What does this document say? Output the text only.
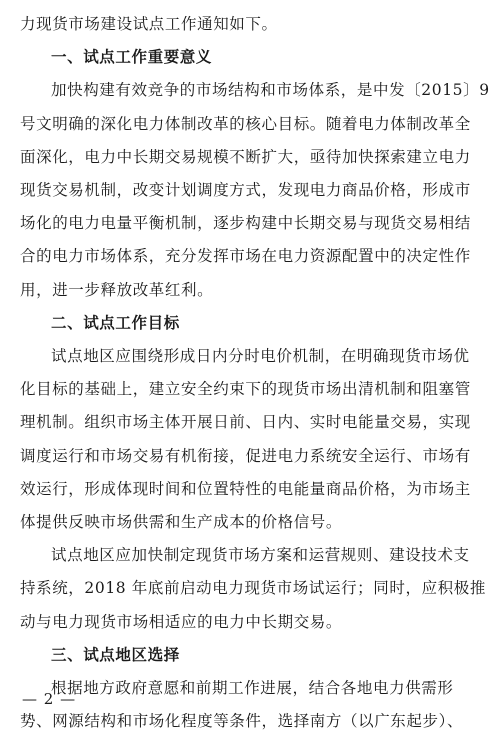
力现货市场建设试点工作通知如下。
一、试点工作重要意义
加快构建有效竞争的市场结构和市场体系，是中发〔2015〕9
号文明确的深化电力体制改革的核心目标。随着电力体制改革全
面深化，电力中长期交易规模不断扩大，亟待加快探索建立电力
现货交易机制，改变计划调度方式，发现电力商品价格，形成市
场化的电力电量平衡机制，逐步构建中长期交易与现货交易相结
合的电力市场体系，充分发挥市场在电力资源配置中的决定性作
用，进一步释放改革红利。
二、试点工作目标
试点地区应围绕形成日内分时电价机制，在明确现货市场优
化目标的基础上，建立安全约束下的现货市场出清机制和阻塞管
理机制。组织市场主体开展日前、日内、实时电能量交易，实现
调度运行和市场交易有机衔接，促进电力系统安全运行、市场有
效运行，形成体现时间和位置特性的电能量商品价格，为市场主
体提供反映市场供需和生产成本的价格信号。
试点地区应加快制定现货市场方案和运营规则、建设技术支
持系统，2018 年底前启动电力现货市场试运行；同时，应积极推
动与电力现货市场相适应的电力中长期交易。
三、试点地区选择
根据地方政府意愿和前期工作进展，结合各地电力供需形
势、网源结构和市场化程度等条件，选择南方（以广东起步）、
— 2 —
